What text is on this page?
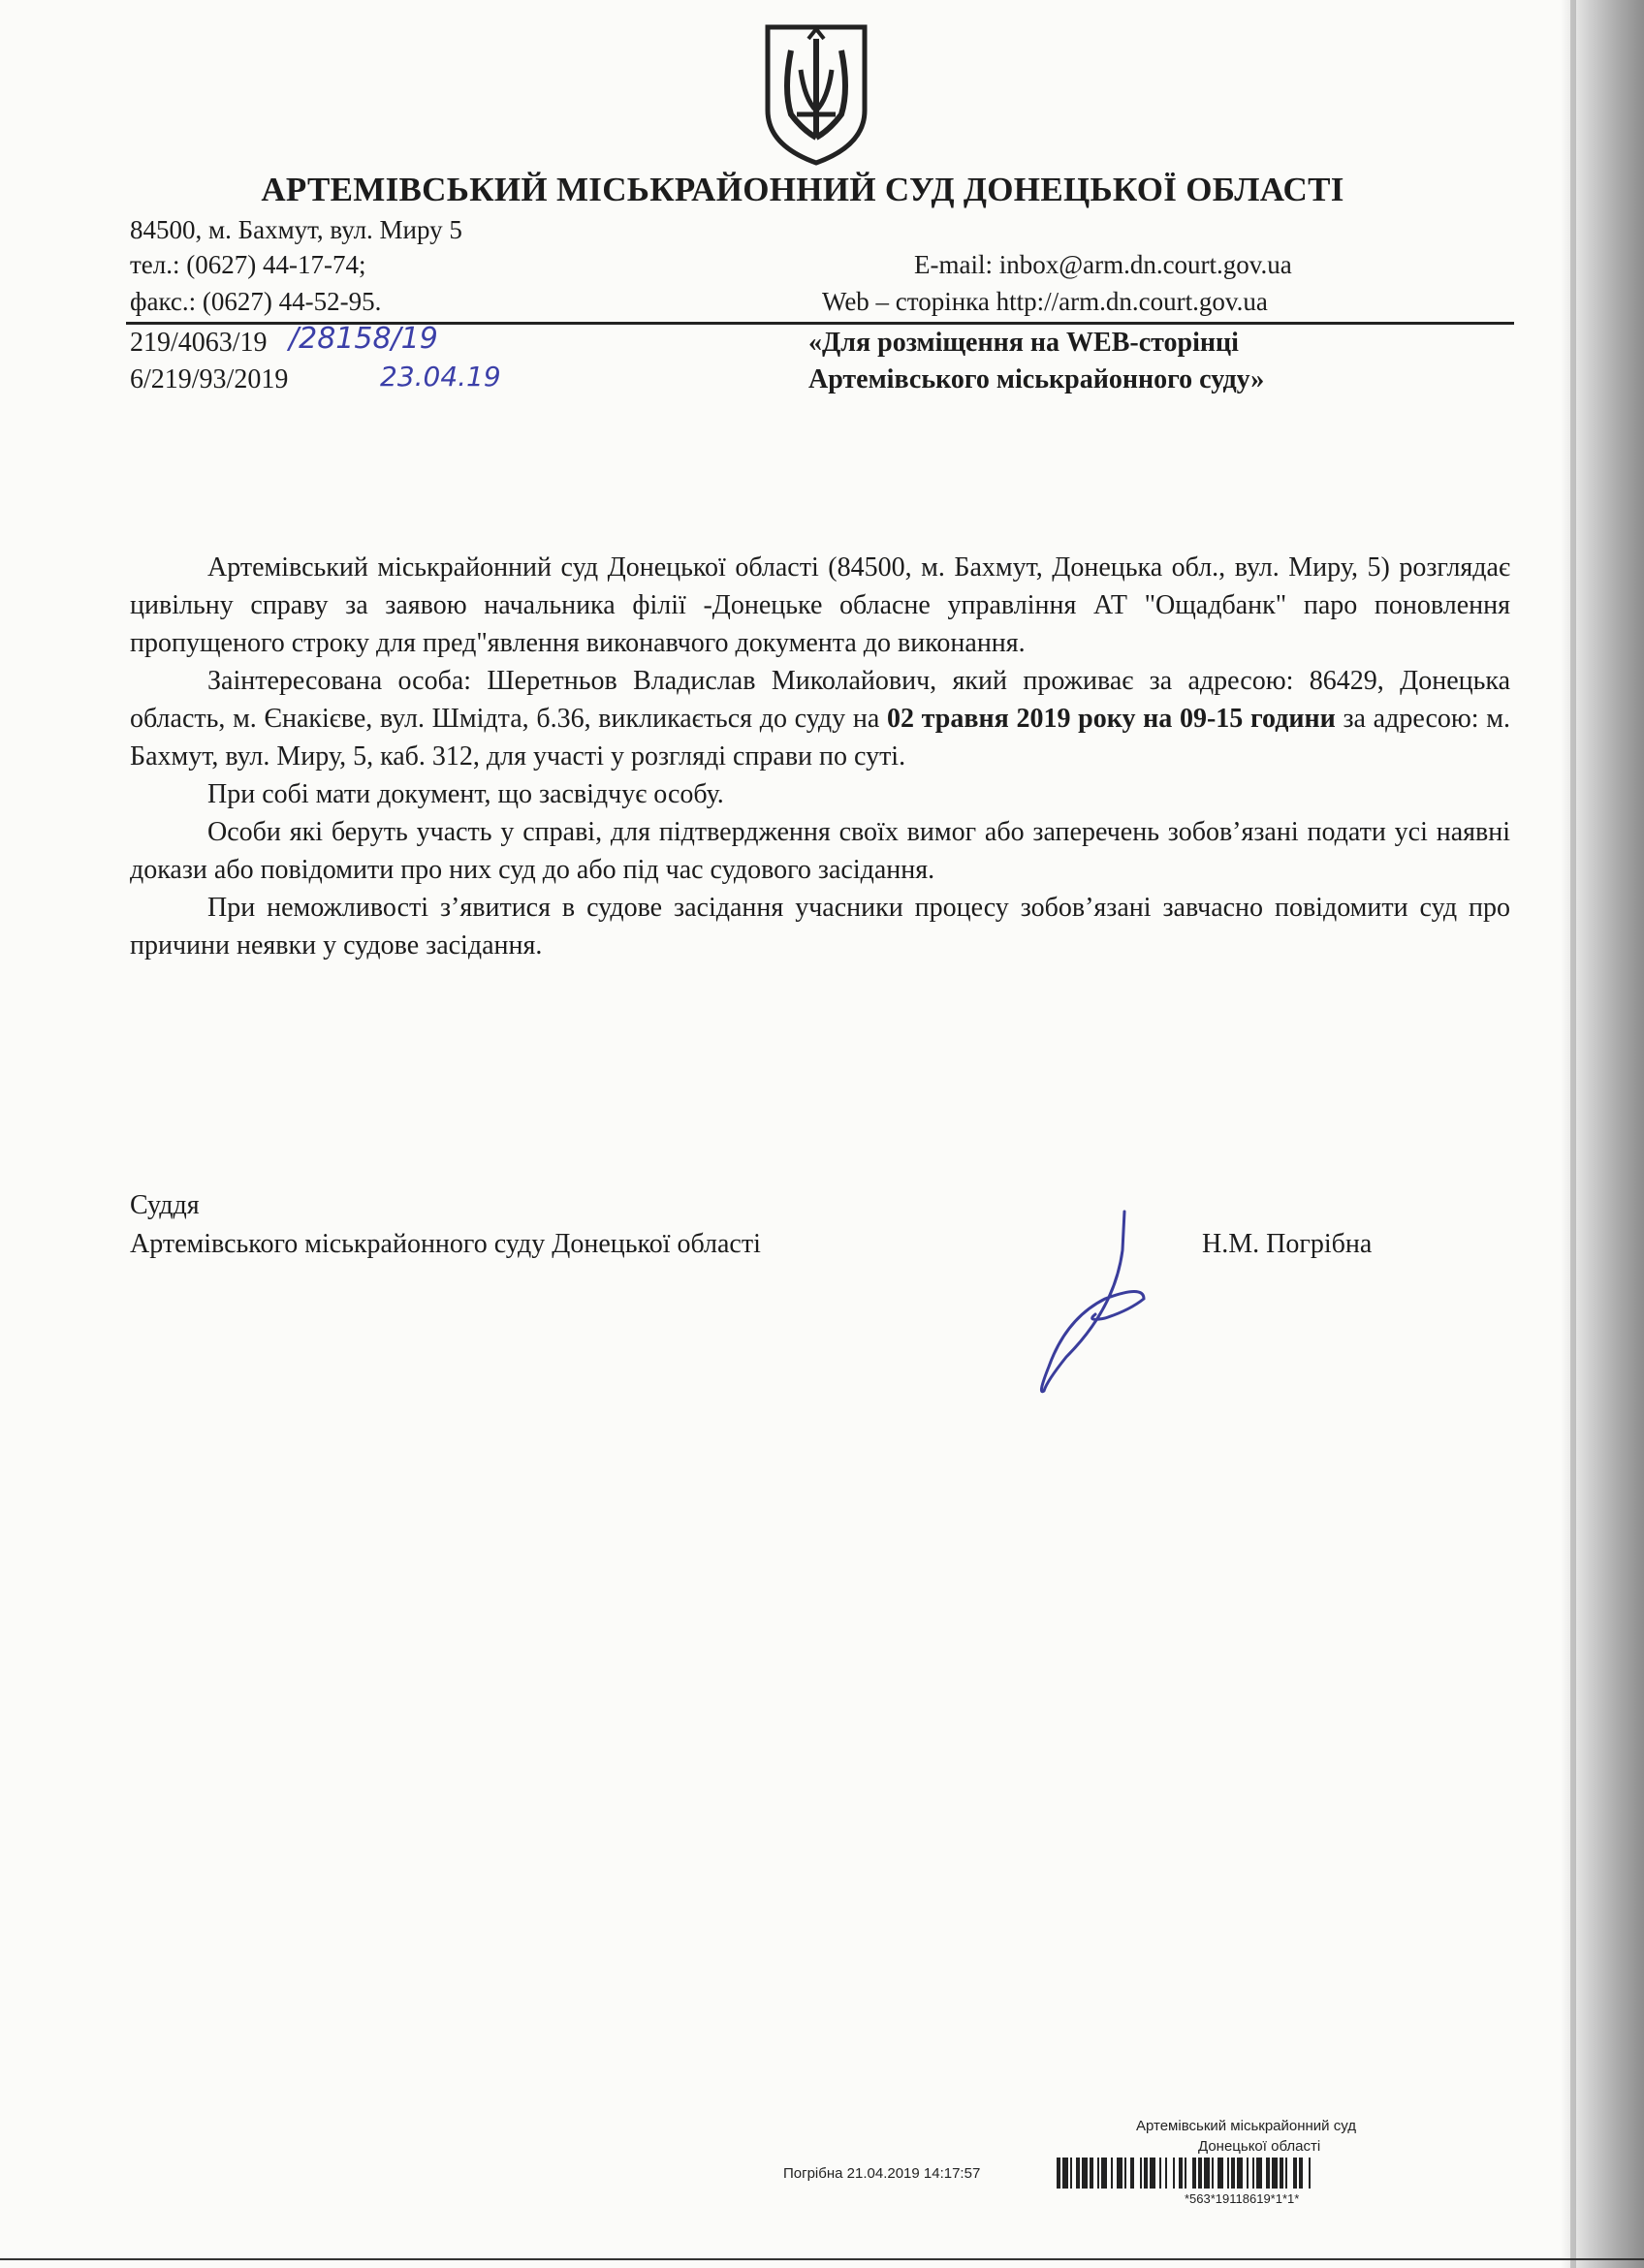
АРТЕМІВСЬКИЙ МІСЬКРАЙОННИЙ СУД ДОНЕЦЬКОЇ ОБЛАСТІ
84500, м. Бахмут, вул. Миру 5
тел.: (0627) 44-17-74;
факс.: (0627) 44-52-95.
E-mail: inbox@arm.dn.court.gov.ua
Web – сторінка http://arm.dn.court.gov.ua
219/4063/19 /28158/19
6/219/93/2019	23.04.19
«Для розміщення на WEB-сторінці
Артемівського міськрайонного суду»

Артемівський міськрайонний суд Донецької області (84500, м. Бахмут, Донецька обл., вул. Миру, 5) розглядає цивільну справу за заявою начальника філії -Донецьке обласне управління АТ "Ощадбанк" паро поновлення пропущеного строку для пред"явлення виконавчого документа до виконання.

Заінтересована особа: Шеретньов Владислав Миколайович, який проживає за адресою: 86429, Донецька область, м. Єнакієве, вул. Шмідта, б.36, викликається до суду на 02 травня 2019 року на 09-15 години за адресою: м. Бахмут, вул. Миру, 5, каб. 312, для участі у розгляді справи по суті.

При собі мати документ, що засвідчує особу.

Особи які беруть участь у справі, для підтвердження своїх вимог або заперечень зобов’язані подати усі наявні докази або повідомити про них суд до або під час судового засідання.

При неможливості з’явитися в судове засідання учасники процесу зобов’язані завчасно повідомити суд про причини неявки у судове засідання.

Суддя
Артемівського міськрайонного суду Донецької області	Н.М. Погрібна
Артемівський міськрайонний суд
Донецької області
Погрібна 21.04.2019 14:17:57
*563*19118619*1*1*
